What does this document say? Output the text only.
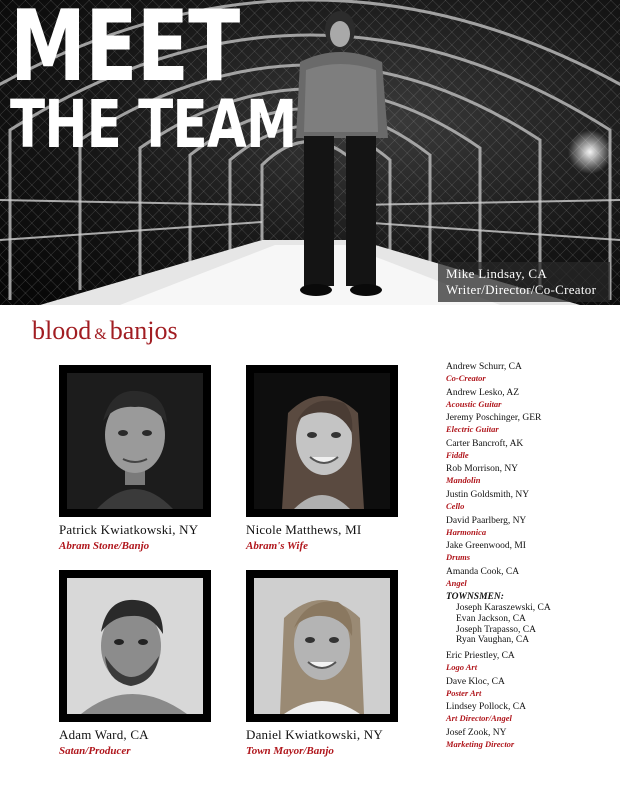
MEET
THE TEAM
Mike Lindsay, CA
Writer/Director/Co-Creator
blood & banjos
Patrick Kwiatkowski, NY
Abram Stone/Banjo
Nicole Matthews, MI
Abram's Wife
Adam Ward, CA
Satan/Producer
Daniel Kwiatkowski, NY
Town Mayor/Banjo
Andrew Schurr, CA
Co-Creator
Andrew Lesko, AZ
Acoustic Guitar
Jeremy Poschinger, GER
Electric Guitar
Carter Bancroft, AK
Fiddle
Rob Morrison, NY
Mandolin
Justin Goldsmith, NY
Cello
David Paarlberg, NY
Harmonica
Jake Greenwood, MI
Drums
Amanda Cook, CA
Angel
TOWNSMEN:
Joseph Karaszewski, CA
Evan Jackson, CA
Joseph Trapasso, CA
Ryan Vaughan, CA
Eric Priestley, CA
Logo Art
Dave Kloc, CA
Poster Art
Lindsey Pollock, CA
Art Director/Angel
Josef Zook, NY
Marketing Director
